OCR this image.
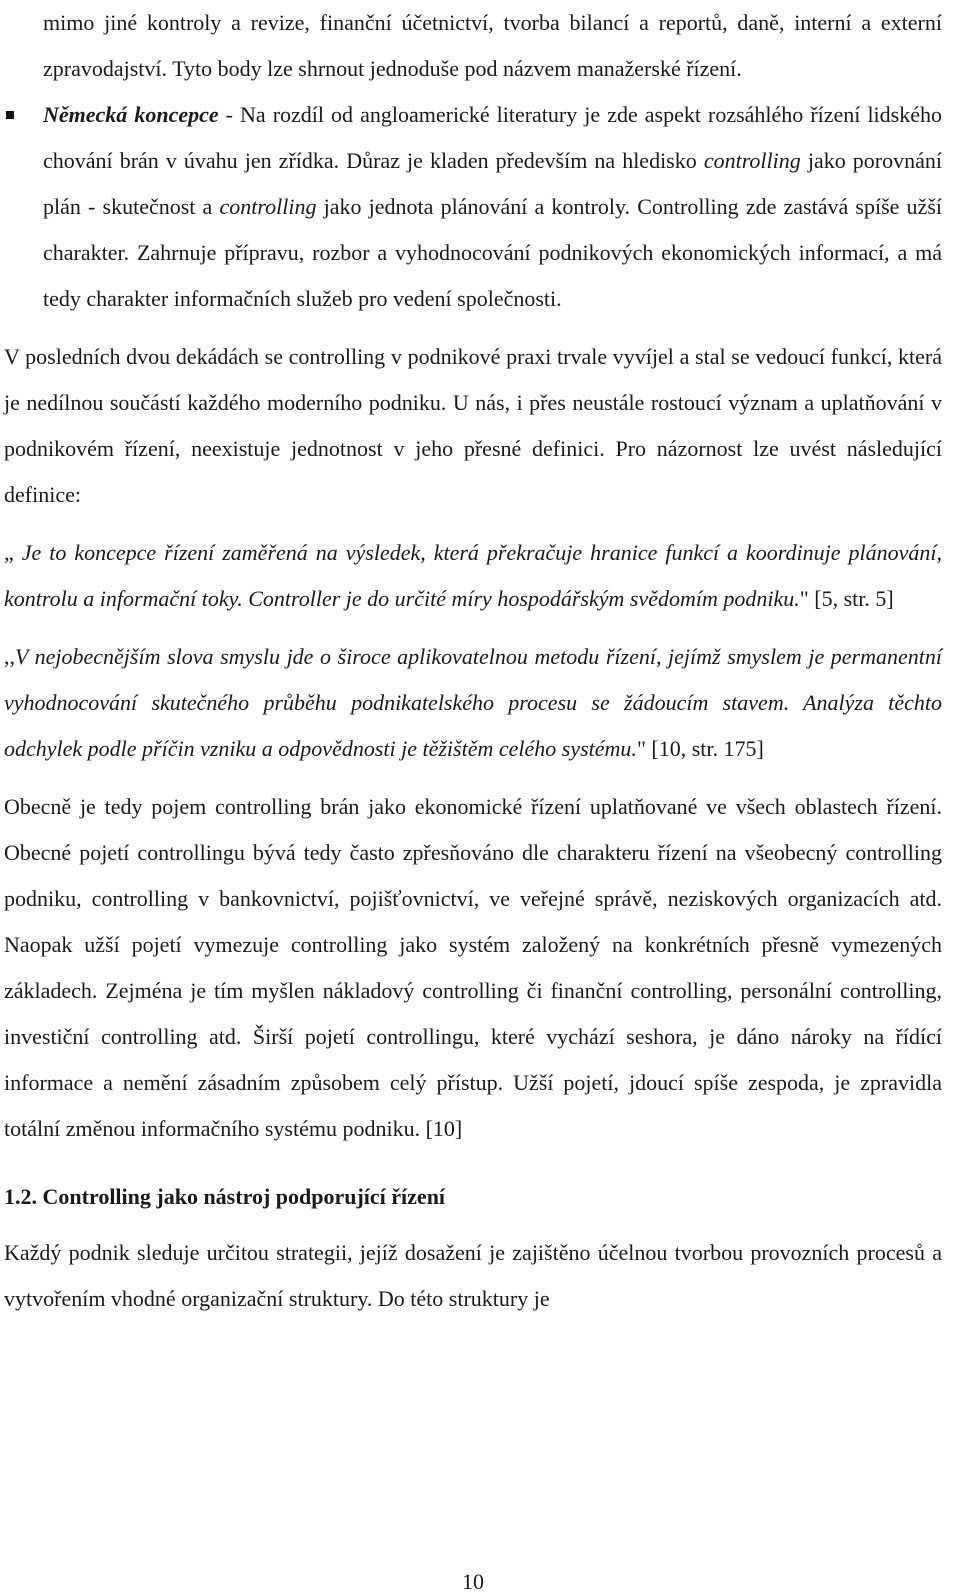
mimo jiné kontroly a revize, finanční účetnictví, tvorba bilancí a reportů, daně, interní a externí zpravodajství. Tyto body lze shrnout jednoduše pod názvem manažerské řízení.

Německá koncepce - Na rozdíl od angloamerické literatury je zde aspekt rozsáhlého řízení lidského chování brán v úvahu jen zřídka. Důraz je kladen především na hledisko controlling jako porovnání plán - skutečnost a controlling jako jednota plánování a kontroly. Controlling zde zastává spíše užší charakter. Zahrnuje přípravu, rozbor a vyhodnocování podnikových ekonomických informací, a má tedy charakter informačních služeb pro vedení společnosti.

V posledních dvou dekádách se controlling v podnikové praxi trvale vyvíjel a stal se vedoucí funkcí, která je nedílnou součástí každého moderního podniku. U nás, i přes neustále rostoucí význam a uplatňování v podnikovém řízení, neexistuje jednotnost v jeho přesné definici. Pro názornost lze uvést následující definice:

„ Je to koncepce řízení zaměřená na výsledek, která překračuje hranice funkcí a koordinuje plánování, kontrolu a informační toky. Controller je do určité míry hospodářským svědomím podniku." [5, str. 5]

,,V nejobecnějším slova smyslu jde o široce aplikovatelnou metodu řízení, jejímž smyslem je permanentní vyhodnocování skutečného průběhu podnikatelského procesu se žádoucím stavem. Analýza těchto odchylek podle příčin vzniku a odpovědnosti je těžištěm celého systému." [10, str. 175]

Obecně je tedy pojem controlling brán jako ekonomické řízení uplatňované ve všech oblastech řízení. Obecné pojetí controllingu bývá tedy často zpřesňováno dle charakteru řízení na všeobecný controlling podniku, controlling v bankovnictví, pojišťovnictví, ve veřejné správě, neziskových organizacích atd. Naopak užší pojetí vymezuje controlling jako systém založený na konkrétních přesně vymezených základech. Zejména je tím myšlen nákladový controlling či finanční controlling, personální controlling, investiční controlling atd. Širší pojetí controllingu, které vychází seshora, je dáno nároky na řídící informace a nemění zásadním způsobem celý přístup. Užší pojetí, jdoucí spíše zespoda, je zpravidla totální změnou informačního systému podniku. [10]

1.2. Controlling jako nástroj podporující řízení

Každý podnik sleduje určitou strategii, jejíž dosažení je zajištěno účelnou tvorbou provozních procesů a vytvořením vhodné organizační struktury. Do této struktury je

10
